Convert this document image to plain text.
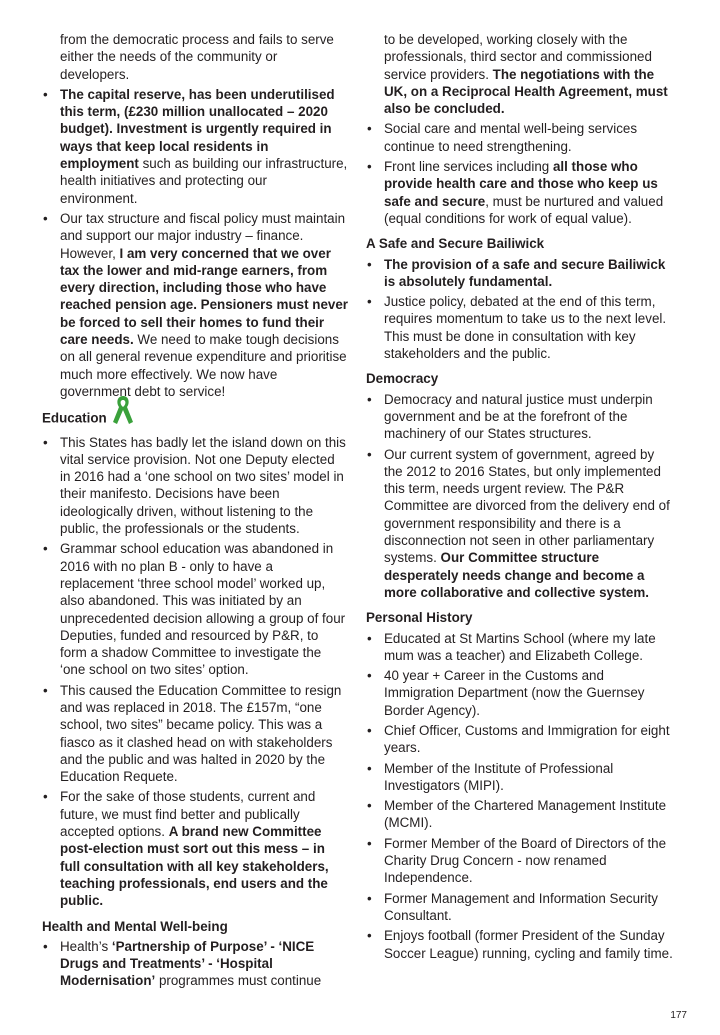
from the democratic process and fails to serve either the needs of the community or developers.

• The capital reserve, has been underutilised this term, (£230 million unallocated – 2020 budget). Investment is urgently required in ways that keep local residents in employment such as building our infrastructure, health initiatives and protecting our environment.
• Our tax structure and fiscal policy must maintain and support our major industry – finance. However, I am very concerned that we over tax the lower and mid-range earners, from every direction, including those who have reached pension age. Pensioners must never be forced to sell their homes to fund their care needs. We need to make tough decisions on all general revenue expenditure and prioritise much more effectively. We now have government debt to service!
Education
• This States has badly let the island down on this vital service provision. Not one Deputy elected in 2016 had a ‘one school on two sites’ model in their manifesto. Decisions have been ideologically driven, without listening to the public, the professionals or the students.
• Grammar school education was abandoned in 2016 with no plan B - only to have a replacement ‘three school model’ worked up, also abandoned. This was initiated by an unprecedented decision allowing a group of four Deputies, funded and resourced by P&R, to form a shadow Committee to investigate the ‘one school on two sites’ option.
• This caused the Education Committee to resign and was replaced in 2018. The £157m, “one school, two sites” became policy. This was a fiasco as it clashed head on with stakeholders and the public and was halted in 2020 by the Education Requete.
• For the sake of those students, current and future, we must find better and publically accepted options. A brand new Committee post-election must sort out this mess – in full consultation with all key stakeholders, teaching professionals, end users and the public.
Health and Mental Well-being
• Health’s ‘Partnership of Purpose’ - ‘NICE Drugs and Treatments’ - ‘Hospital Modernisation’ programmes must continue

to be developed, working closely with the professionals, third sector and commissioned service providers. The negotiations with the UK, on a Reciprocal Health Agreement, must also be concluded.

• Social care and mental well-being services continue to need strengthening.
• Front line services including all those who provide health care and those who keep us safe and secure, must be nurtured and valued (equal conditions for work of equal value).
A Safe and Secure Bailiwick
• The provision of a safe and secure Bailiwick is absolutely fundamental.
• Justice policy, debated at the end of this term, requires momentum to take us to the next level. This must be done in consultation with key stakeholders and the public.
Democracy
• Democracy and natural justice must underpin government and be at the forefront of the machinery of our States structures.
• Our current system of government, agreed by the 2012 to 2016 States, but only implemented this term, needs urgent review. The P&R Committee are divorced from the delivery end of government responsibility and there is a disconnection not seen in other parliamentary systems. Our Committee structure desperately needs change and become a more collaborative and collective system.
Personal History
• Educated at St Martins School (where my late mum was a teacher) and Elizabeth College.
• 40 year + Career in the Customs and Immigration Department (now the Guernsey Border Agency).
• Chief Officer, Customs and Immigration for eight years.
• Member of the Institute of Professional Investigators (MIPI).
• Member of the Chartered Management Institute (MCMI).
• Former Member of the Board of Directors of the Charity Drug Concern - now renamed Independence.
• Former Management and Information Security Consultant.
• Enjoys football (former President of the Sunday Soccer League) running, cycling and family time.
177
